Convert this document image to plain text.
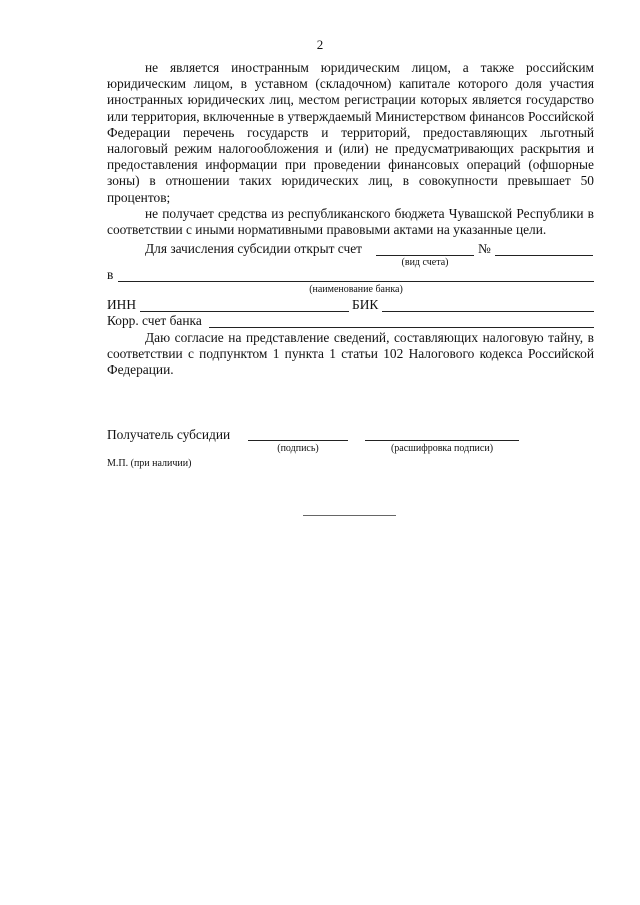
2

не является иностранным юридическим лицом, а также российским юридическим лицом, в уставном (складочном) капитале которого доля участия иностранных юридических лиц, местом регистрации которых является государство или территория, включенные в утверждаемый Министерством финансов Российской Федерации перечень государств и территорий, предоставляющих льготный налоговый режим налогообложения и (или) не предусматривающих раскрытия и предоставления информации при проведении финансовых операций (офшорные зоны) в отношении таких юридических лиц, в совокупности превышает 50 процентов;

не получает средства из республиканского бюджета Чувашской Республики в соответствии с иными нормативными правовыми актами на указанные цели.

Для зачисления субсидии открыт счет	№
(вид счета)
в
(наименование банка)
ИНН	БИК
Корр. счет банка

Даю согласие на представление сведений, составляющих налоговую тайну, в соответствии с подпунктом 1 пункта 1 статьи 102 Налогового кодекса Российской Федерации.

Получатель субсидии
(подпись)	(расшифровка подписи)
М.П. (при наличии)
